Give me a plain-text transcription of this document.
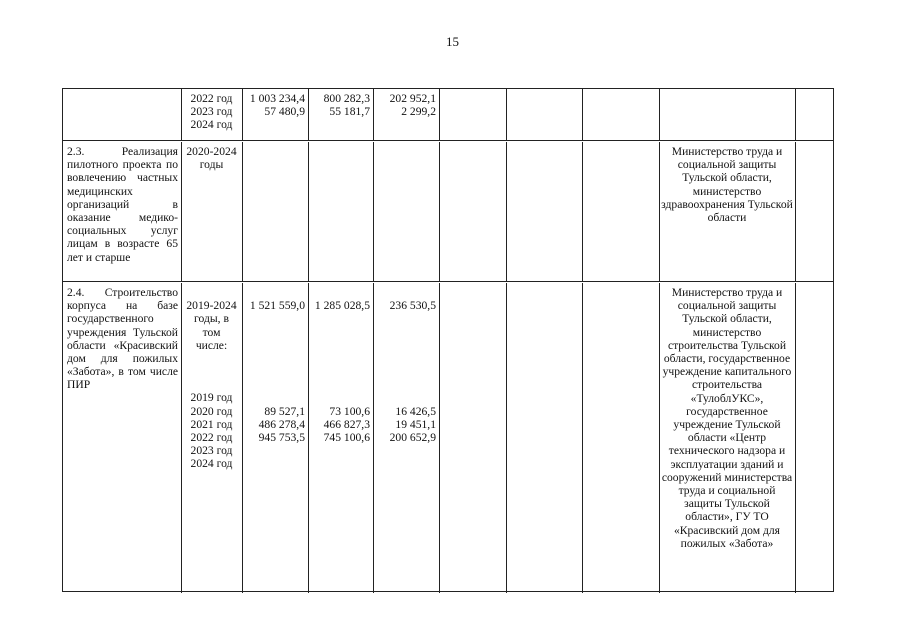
15
2022 год
2023 год
2024 год
1 003 234,4
57 480,9
800 282,3
55 181,7
202 952,1
2 299,2
2.3. Реализация пилотного проекта по вовлечению частных медицинских организаций в оказание медико-социальных услуг лицам в возрасте 65 лет и старше
2020-2024
годы
Министерство труда и социальной защиты Тульской области, министерство здравоохранения Тульской области
2.4. Строительство корпуса на базе государственного учреждения Тульской области «Красивский дом для пожилых «Забота», в том числе ПИР

2019-2024
годы, в
том
числе:

2019 год
2020 год
2021 год
2022 год
2023 год
2024 год

1 521 559,0

89 527,1
486 278,4
945 753,5

1 285 028,5

73 100,6
466 827,3
745 100,6

236 530,5

16 426,5
19 451,1
200 652,9

Министерство труда и социальной защиты Тульской области, министерство строительства Тульской области, государственное учреждение капитального строительства «ТулоблУКС», государственное учреждение Тульской области «Центр технического надзора и эксплуатации зданий и сооружений министерства труда и социальной защиты Тульской области», ГУ ТО «Красивский дом для пожилых «Забота»
